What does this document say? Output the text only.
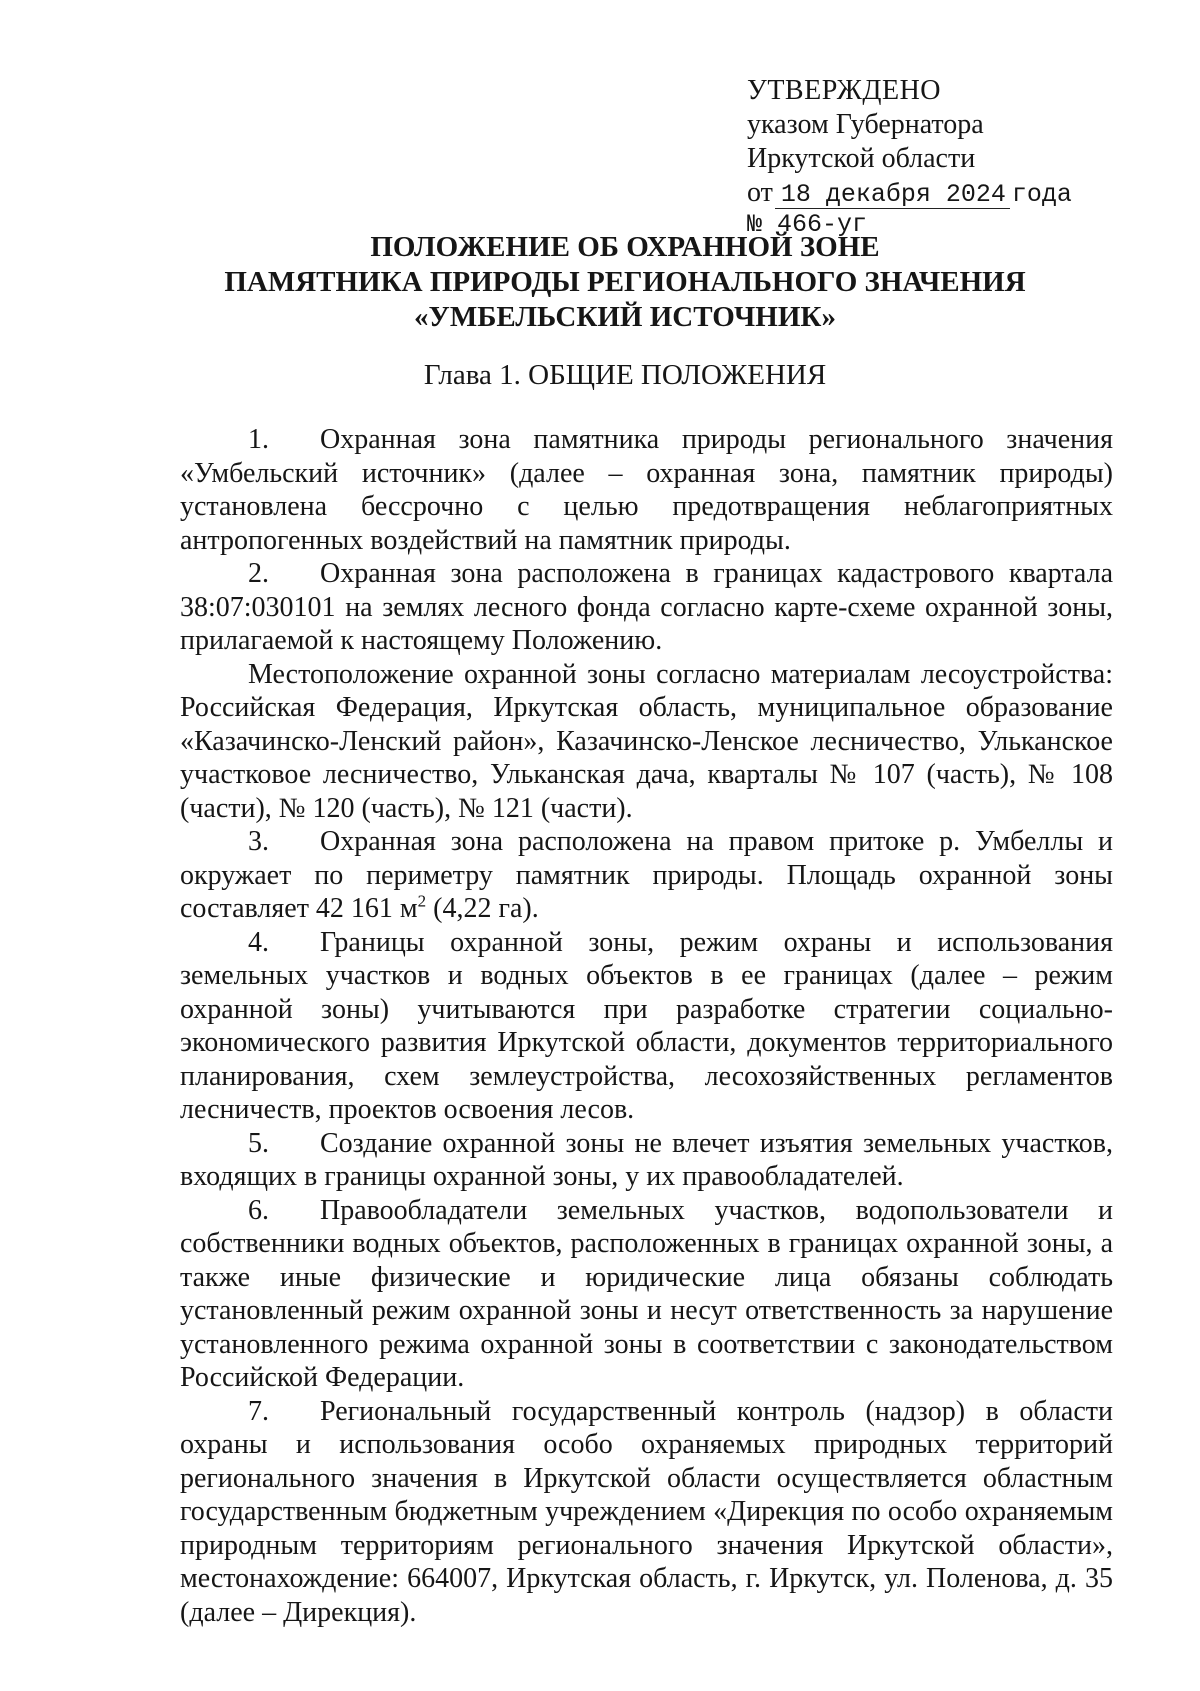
УТВЕРЖДЕНО
указом Губернатора
Иркутской области
от 18 декабря 2024 года
№ 466-уг
ПОЛОЖЕНИЕ ОБ ОХРАННОЙ ЗОНЕ
ПАМЯТНИКА ПРИРОДЫ РЕГИОНАЛЬНОГО ЗНАЧЕНИЯ
«УМБЕЛЬСКИЙ ИСТОЧНИК»
Глава 1. ОБЩИЕ ПОЛОЖЕНИЯ

1. Охранная зона памятника природы регионального значения «Умбельский источник» (далее – охранная зона, памятник природы) установлена бессрочно с целью предотвращения неблагоприятных антропогенных воздействий на памятник природы.

2. Охранная зона расположена в границах кадастрового квартала 38:07:030101 на землях лесного фонда согласно карте-схеме охранной зоны, прилагаемой к настоящему Положению.

Местоположение охранной зоны согласно материалам лесоустройства: Российская Федерация, Иркутская область, муниципальное образование «Казачинско-Ленский район», Казачинско-Ленское лесничество, Ульканское участковое лесничество, Ульканская дача, кварталы № 107 (часть), № 108 (части), № 120 (часть), № 121 (части).

3. Охранная зона расположена на правом притоке р. Умбеллы и окружает по периметру памятник природы. Площадь охранной зоны составляет 42 161 $м^2$ (4,22 га).

4. Границы охранной зоны, режим охраны и использования земельных участков и водных объектов в ее границах (далее – режим охранной зоны) учитываются при разработке стратегии социально-экономического развития Иркутской области, документов территориального планирования, схем землеустройства, лесохозяйственных регламентов лесничеств, проектов освоения лесов.

5. Создание охранной зоны не влечет изъятия земельных участков, входящих в границы охранной зоны, у их правообладателей.

6. Правообладатели земельных участков, водопользователи и собственники водных объектов, расположенных в границах охранной зоны, а также иные физические и юридические лица обязаны соблюдать установленный режим охранной зоны и несут ответственность за нарушение установленного режима охранной зоны в соответствии с законодательством Российской Федерации.

7. Региональный государственный контроль (надзор) в области охраны и использования особо охраняемых природных территорий регионального значения в Иркутской области осуществляется областным государственным бюджетным учреждением «Дирекция по особо охраняемым природным территориям регионального значения Иркутской области», местонахождение: 664007, Иркутская область, г. Иркутск, ул. Поленова, д. 35 (далее – Дирекция).
